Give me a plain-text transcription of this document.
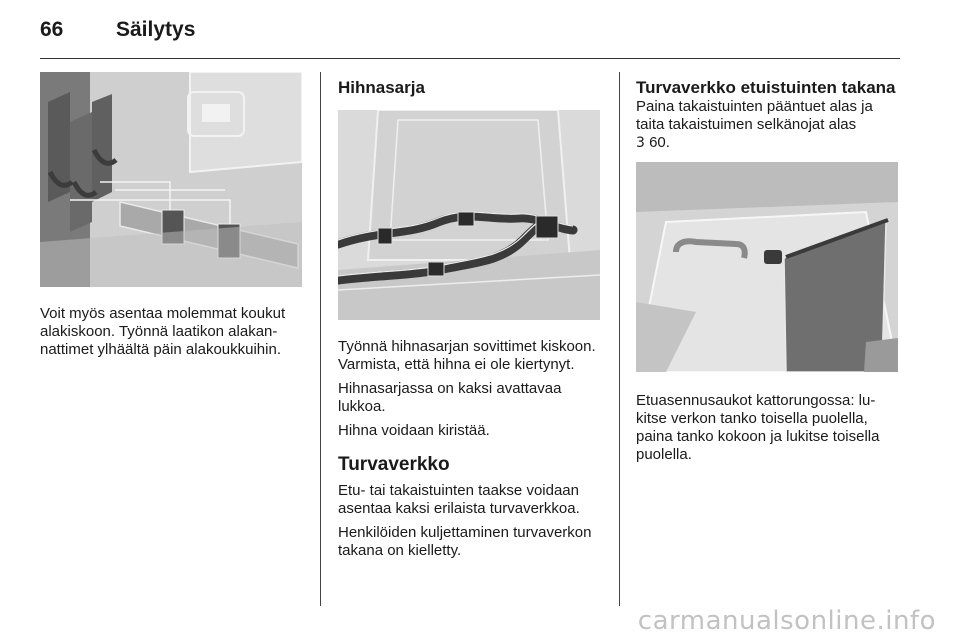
66	Säilytys

Voit myös asentaa molemmat koukut alakiskoon. Työnnä laatikon alakannattimet ylhäältä päin alakoukkuihin.

Hihnasarja

Työnnä hihnasarjan sovittimet kiskoon. Varmista, että hihna ei ole kiertynyt.

Hihnasarjassa on kaksi avattavaa lukkoa.

Hihna voidaan kiristää.

Turvaverkko

Etu- tai takaistuinten taakse voidaan asentaa kaksi erilaista turvaverkkoa.

Henkilöiden kuljettaminen turvaverkon takana on kielletty.

Turvaverkko etuistuinten takana

Paina takaistuinten pääntuet alas ja taita takaistuimen selkänojat alas
3 60.

Etuasennusaukot kattorungossa: lukitse verkon tanko toisella puolella, paina tanko kokoon ja lukitse toisella puolella.

carmanualsonline.info
